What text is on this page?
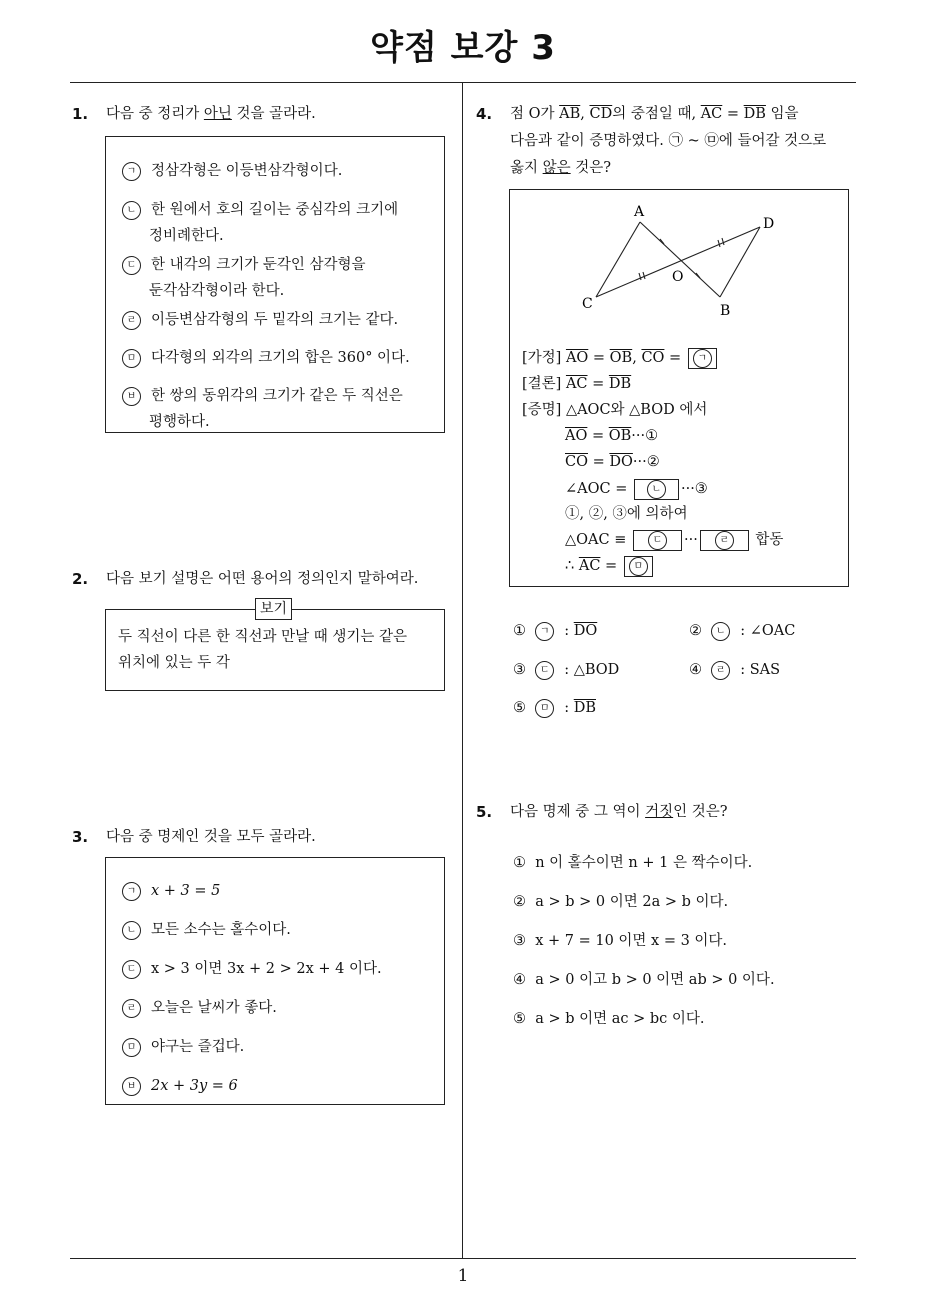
약점 보강 3
1
1. 다음 중 정리가 아닌 것을 골라라.
ㄱ 정삼각형은 이등변삼각형이다.
ㄴ 한 원에서 호의 길이는 중심각의 크기에
정비례한다.
ㄷ 한 내각의 크기가 둔각인 삼각형을
둔각삼각형이라 한다.
ㄹ 이등변삼각형의 두 밑각의 크기는 같다.
ㅁ 다각형의 외각의 크기의 합은 360° 이다.
ㅂ 한 쌍의 동위각의 크기가 같은 두 직선은
평행하다.
2. 다음 보기 설명은 어떤 용어의 정의인지 말하여라.
보기
두 직선이 다른 한 직선과 만날 때 생기는 같은
위치에 있는 두 각
3. 다음 중 명제인 것을 모두 골라라.
ㄱ x + 3 = 5
ㄴ 모든 소수는 홀수이다.
ㄷ x > 3 이면 3x + 2 > 2x + 4 이다.
ㄹ 오늘은 날씨가 좋다.
ㅁ 야구는 즐겁다.
ㅂ 2x + 3y = 6
4. 점 O가 $\overline{AB}$, $\overline{CD}$의 중점일 때, $\overline{AC} = \overline{DB}$ 임을
다음과 같이 증명하였다. ㉠ ~ ㉤에 들어갈 것으로
옳지 않은 것은?
A
D
O
C	B
[가정] $\overline{AO} = \overline{OB}$, $\overline{CO}$ = ㄱ
[결론] $\overline{AC} = \overline{DB}$
[증명] △AOC와 △BOD 에서
$\overline{AO}$ = $\overline{OB}\cdot\cdot\cdot ①$
$\overline{CO}$ = $\overline{DO}\cdot\cdot\cdot ②$
∠AOC = ㄴ ···③
①, ②, ③에 의하여
△OAC ≡	ㄷ ··· ㄹ 합동
∴ $\overline{AC}$ = ㅁ
① ㄱ : $\overline{DO}$	② ㄴ : ∠OAC
③ ㄷ : △BOD	④ ㄹ : SAS
⑤ ㅁ : $\overline{DB}$
5. 다음 명제 중 그 역이 거짓인 것은?
① n 이 홀수이면 n + 1 은 짝수이다.
② a > b > 0 이면 2a > b 이다.
③ x + 7 = 10 이면 x = 3 이다.
④ a > 0 이고 b > 0 이면 ab > 0 이다.
⑤ a > b 이면 ac > bc 이다.
